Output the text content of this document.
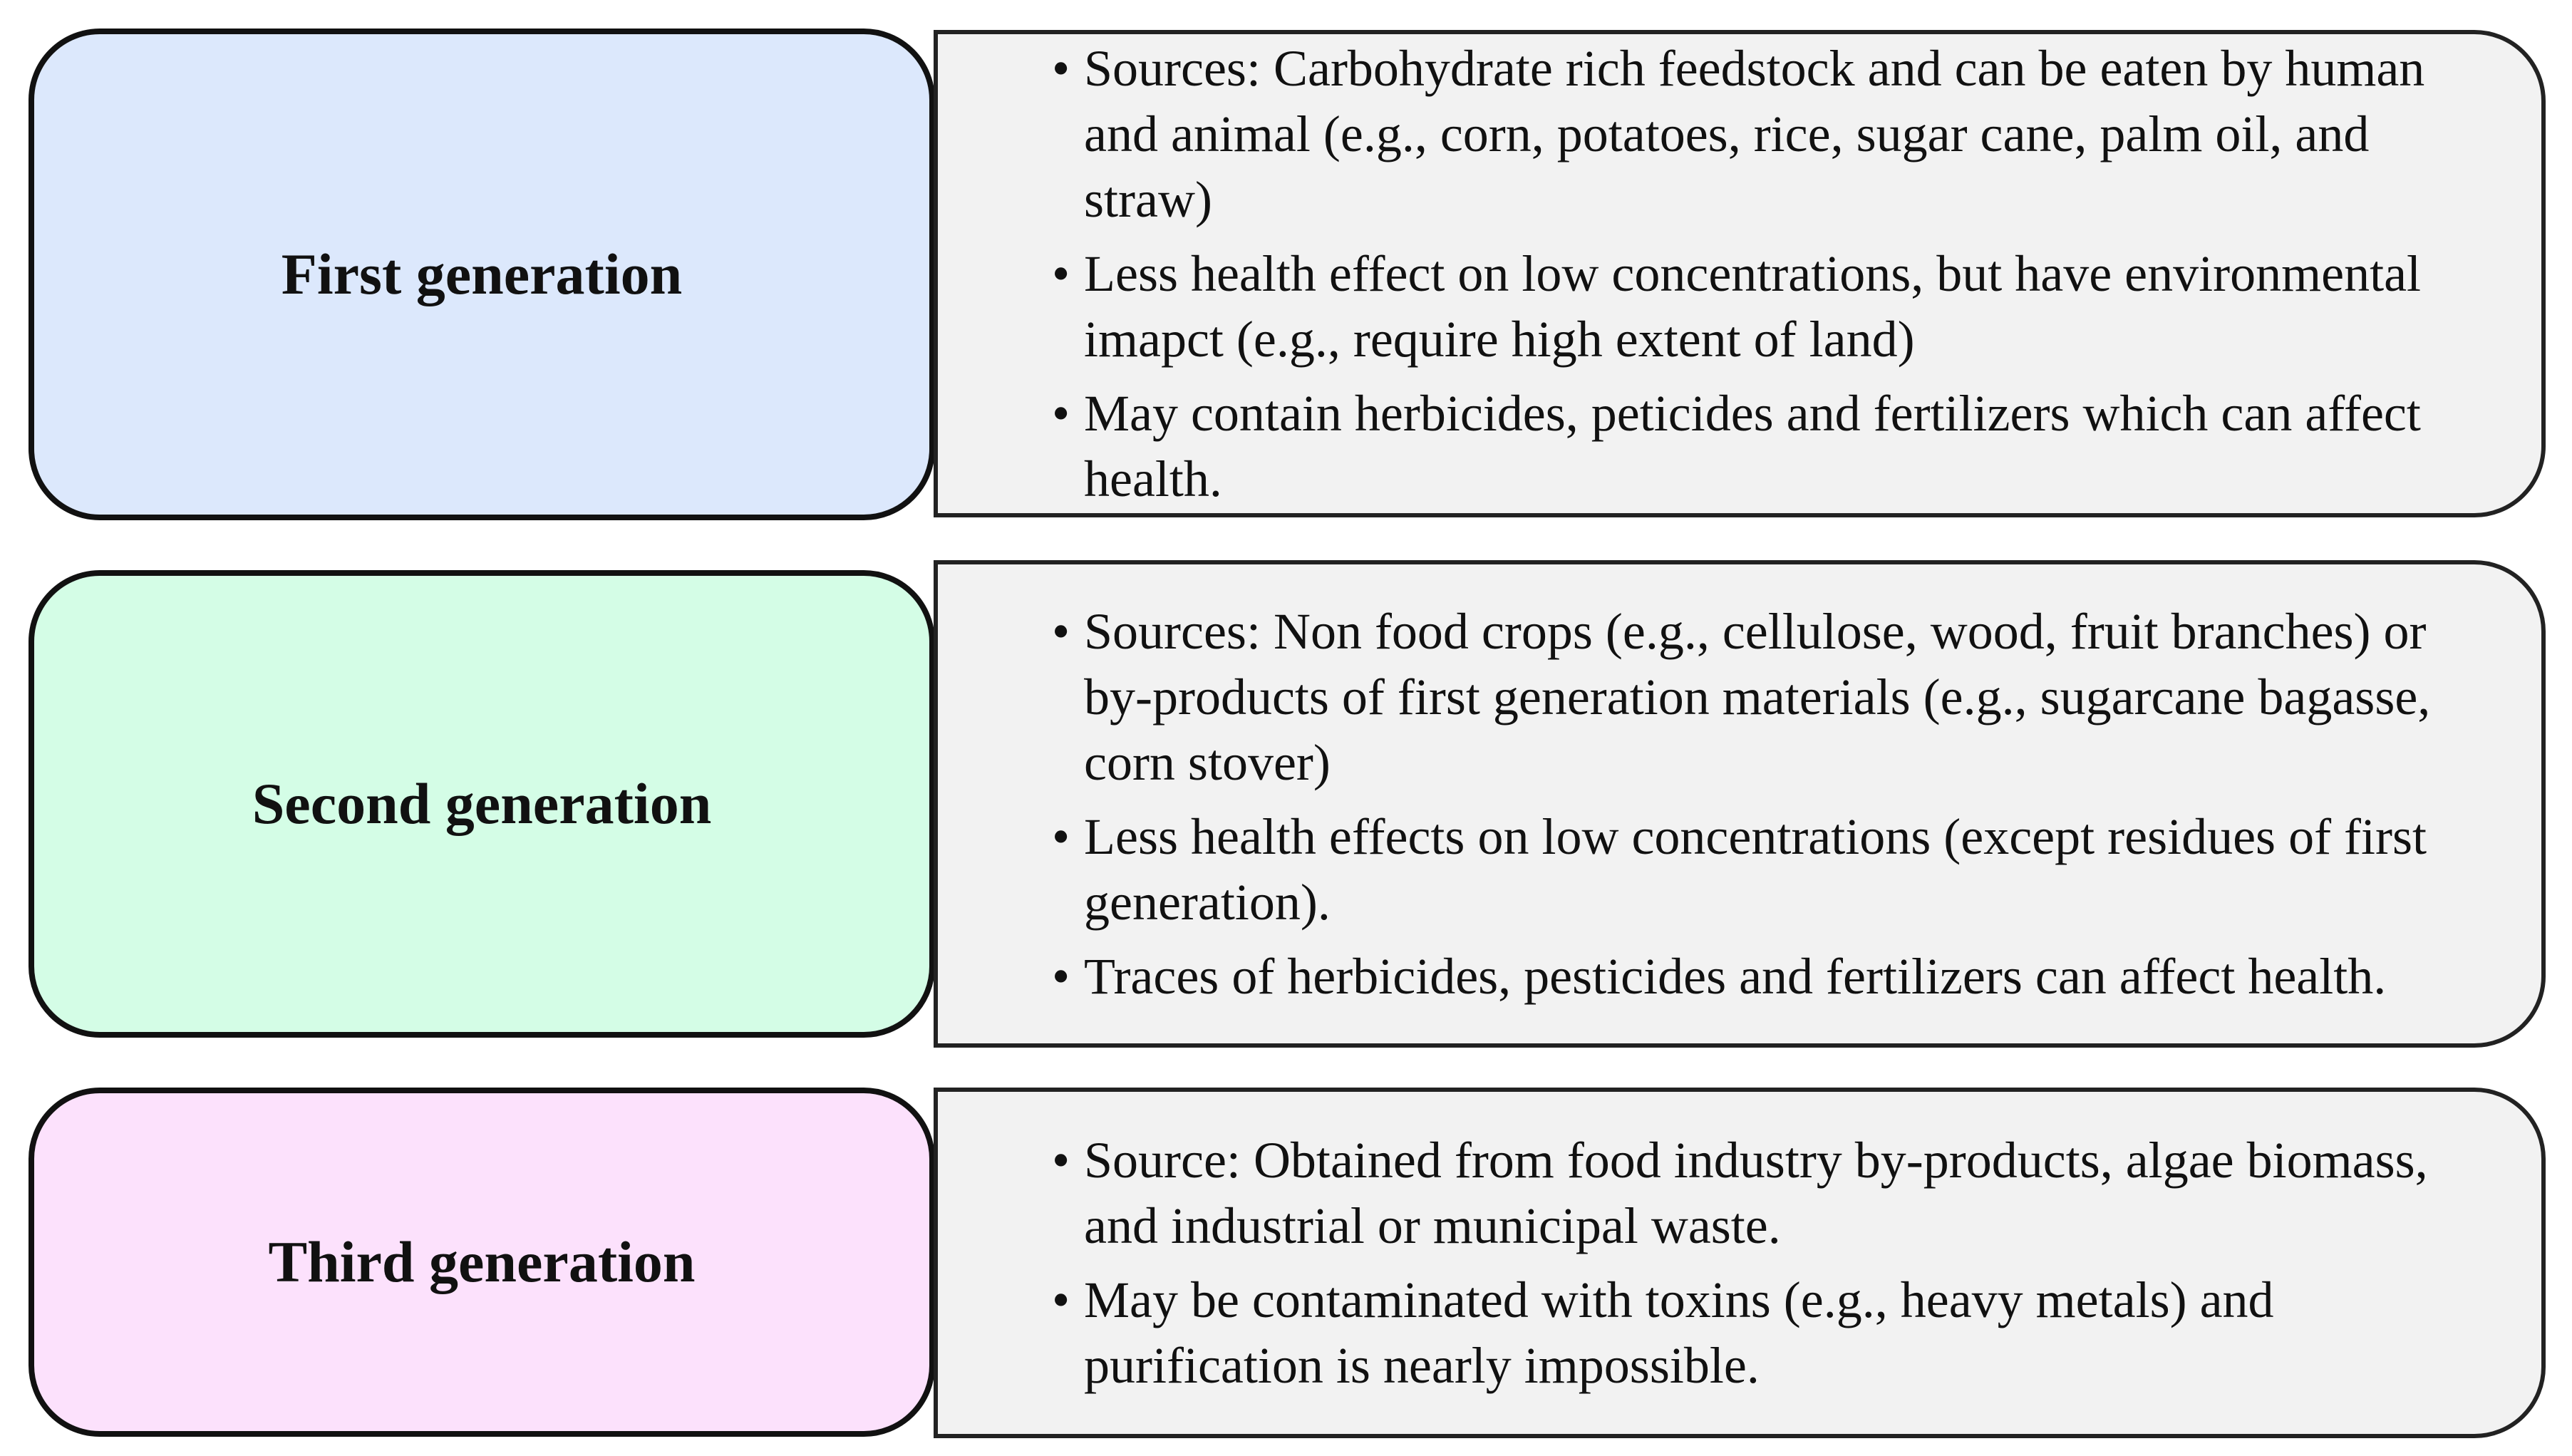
First generation
• Sources: Carbohydrate rich feedstock and can be eaten by human and animal (e.g., corn, potatoes, rice, sugar cane, palm oil, and straw)
• Less health effect on low concentrations, but have environmental imapct (e.g., require high extent of land)
• May contain herbicides, peticides and fertilizers which can affect health.
Second generation
• Sources: Non food crops (e.g., cellulose, wood, fruit branches) or by-products of first generation materials (e.g., sugarcane bagasse, corn stover)
• Less health effects on low concentrations (except residues of first generation).
• Traces of herbicides, pesticides and fertilizers can affect health.
Third generation
• Source: Obtained from food industry by-products, algae biomass, and industrial or municipal waste.
• May be contaminated with toxins (e.g., heavy metals) and purification is nearly impossible.
